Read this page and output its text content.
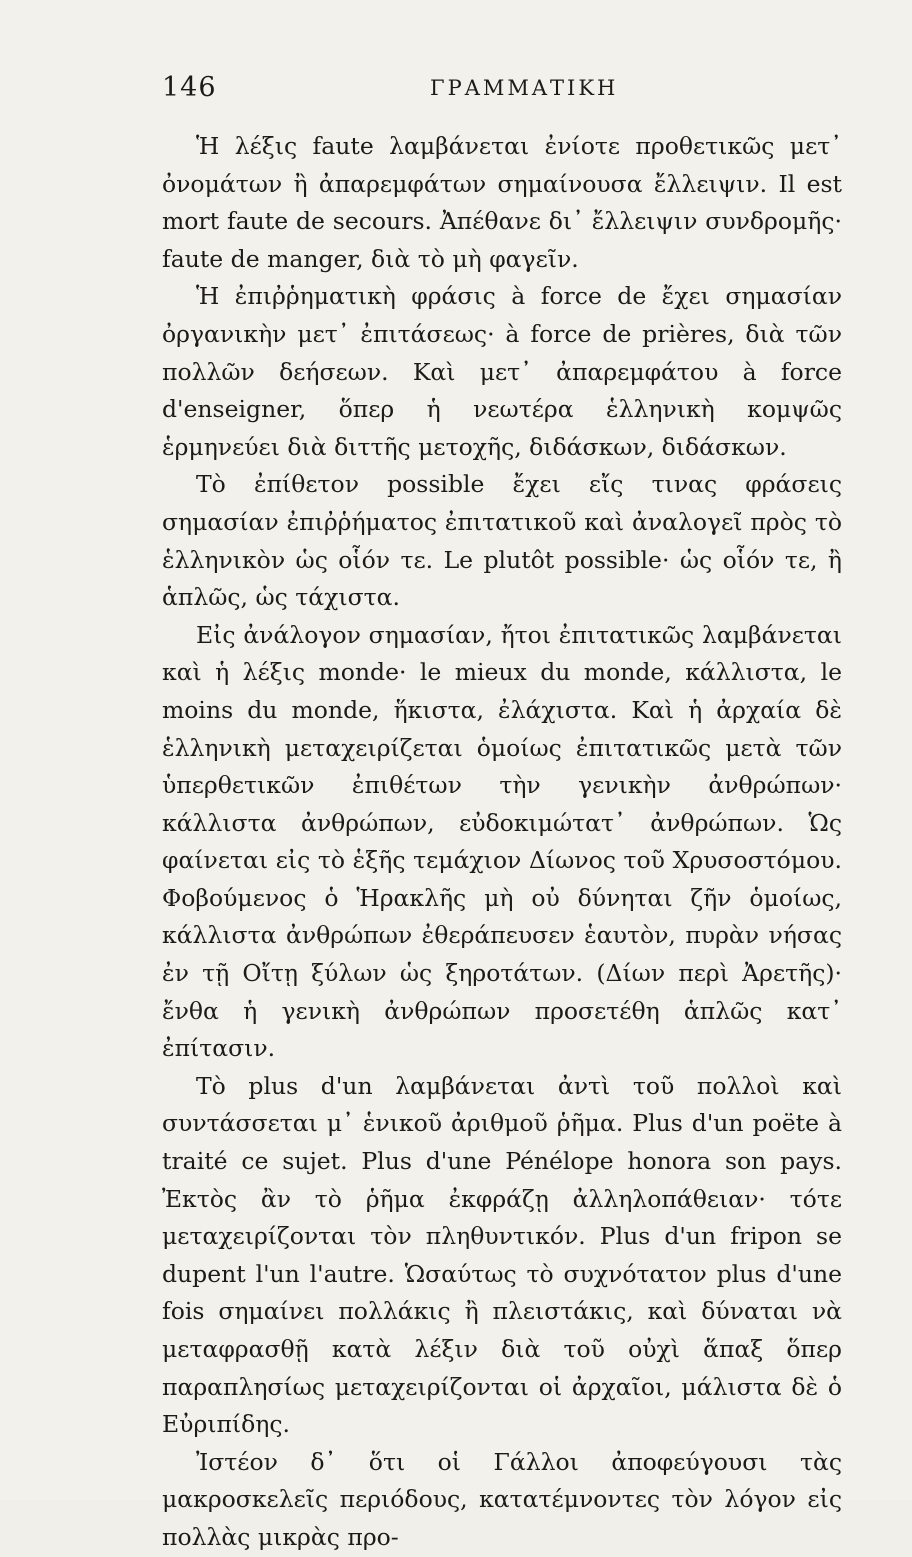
146	ΓΡΑΜΜΑΤΙΚΗ

Ἡ λέξις faute λαμβάνεται ἐνίοτε προθετικῶς μετ᾽ ὀνομάτων ἢ ἀπαρεμφάτων σημαίνουσα ἔλλειψιν. Il est mort faute de secours. Ἀπέθανε δι᾽ ἔλλειψιν συνδρομῆς· faute de manger, διὰ τὸ μὴ φαγεῖν.

Ἡ ἐπιῤῥηματικὴ φράσις à force de ἔχει σημασίαν ὀργανικὴν μετ᾽ ἐπιτάσεως· à force de prières, διὰ τῶν πολλῶν δεήσεων. Καὶ μετ᾽ ἀπαρεμφάτου à force d'enseigner, ὅπερ ἡ νεωτέρα ἑλληνικὴ κομψῶς ἑρμηνεύει διὰ διττῆς μετοχῆς, διδάσκων, διδάσκων.

Τὸ ἐπίθετον possible ἔχει εἴς τινας φράσεις σημασίαν ἐπιῤῥήματος ἐπιτατικοῦ καὶ ἀναλογεῖ πρὸς τὸ ἑλληνικὸν ὡς οἷόν τε. Le plutôt possible· ὡς οἷόν τε, ἢ ἁπλῶς, ὡς τάχιστα.

Εἰς ἀνάλογον σημασίαν, ἤτοι ἐπιτατικῶς λαμβάνεται καὶ ἡ λέξις monde· le mieux du monde, κάλλιστα, le moins du monde, ἥκιστα, ἐλάχιστα. Καὶ ἡ ἀρχαία δὲ ἑλληνικὴ μεταχειρίζεται ὁμοίως ἐπιτατικῶς μετὰ τῶν ὑπερθετικῶν ἐπιθέτων τὴν γενικὴν ἀνθρώπων· κάλλιστα ἀνθρώπων, εὐδοκιμώτατ᾽ ἀνθρώπων. Ὡς φαίνεται εἰς τὸ ἑξῆς τεμάχιον Δίωνος τοῦ Χρυσοστόμου. Φοβούμενος ὁ Ἡρακλῆς μὴ οὐ δύνηται ζῆν ὁμοίως, κάλλιστα ἀνθρώπων ἐθεράπευσεν ἑαυτὸν, πυρὰν νήσας ἐν τῇ Οἴτῃ ξύλων ὡς ξηροτάτων. (Δίων περὶ Ἀρετῆς)· ἔνθα ἡ γενικὴ ἀνθρώπων προσετέθη ἁπλῶς κατ᾽ ἐπίτασιν.

Τὸ plus d'un λαμβάνεται ἀντὶ τοῦ πολλοὶ καὶ συντάσσεται μ᾽ ἑνικοῦ ἀριθμοῦ ῥῆμα. Plus d'un poëte à traité ce sujet. Plus d'une Pénélope honora son pays. Ἐκτὸς ἂν τὸ ῥῆμα ἐκφράζῃ ἀλληλοπάθειαν· τότε μεταχειρίζονται τὸν πληθυντικόν. Plus d'un fripon se dupent l'un l'autre. Ὡσαύτως τὸ συχνότατον plus d'une fois σημαίνει πολλάκις ἢ πλειστάκις, καὶ δύναται νὰ μεταφρασθῇ κατὰ λέξιν διὰ τοῦ οὐχὶ ἅπαξ ὅπερ παραπλησίως μεταχειρίζονται οἱ ἀρχαῖοι, μάλιστα δὲ ὁ Εὐριπίδης.

Ἰστέον δ᾽ ὅτι οἱ Γάλλοι ἀποφεύγουσι τὰς μακροσκελεῖς περιόδους, κατατέμνοντες τὸν λόγον εἰς πολλὰς μικρὰς προ-
